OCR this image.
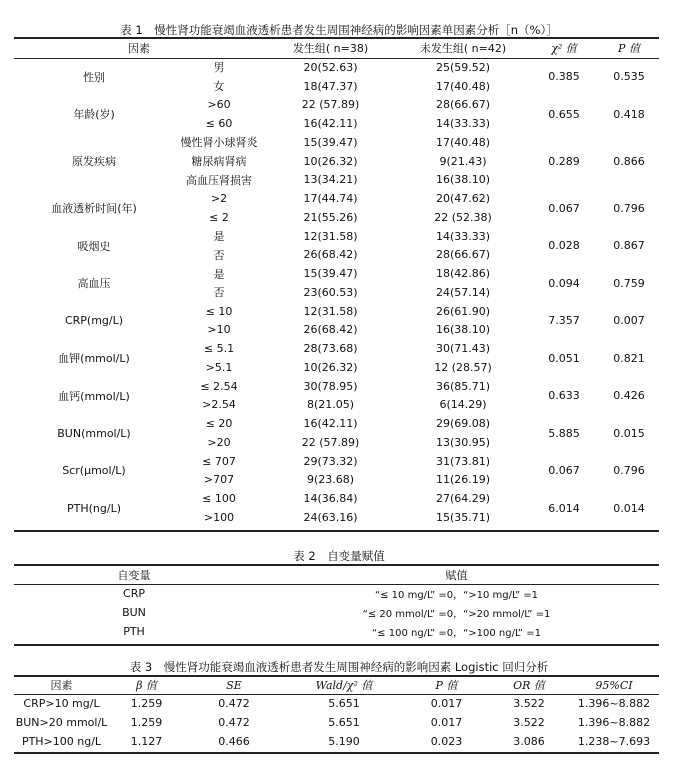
表 1　慢性肾功能衰竭血液透析患者发生周围神经病的影响因素单因素分析［n（%）］
因素		发生组( n=38)	未发生组( n=42)	χ² 值	P 值
性别	男	20(52.63)	25(59.52)	0.385	0.535
	女	18(47.37)	17(40.48)		
年龄(岁)	>60	22 (57.89)	28(66.67)	0.655	0.418
	≤ 60	16(42.11)	14(33.33)		
原发疾病	慢性肾小球肾炎	15(39.47)	17(40.48)	0.289	0.866
	糖尿病肾病	10(26.32)	9(21.43)		
	高血压肾损害	13(34.21)	16(38.10)		
血液透析时间(年)	>2	17(44.74)	20(47.62)	0.067	0.796
	≤ 2	21(55.26)	22 (52.38)		
吸烟史	是	12(31.58)	14(33.33)	0.028	0.867
	否	26(68.42)	28(66.67)		
高血压	是	15(39.47)	18(42.86)	0.094	0.759
	否	23(60.53)	24(57.14)		
CRP(mg/L)	≤ 10	12(31.58)	26(61.90)	7.357	0.007
	>10	26(68.42)	16(38.10)		
血钾(mmol/L)	≤ 5.1	28(73.68)	30(71.43)	0.051	0.821
	>5.1	10(26.32)	12 (28.57)		
血钙(mmol/L)	≤ 2.54	30(78.95)	36(85.71)	0.633	0.426
	>2.54	8(21.05)	6(14.29)		
BUN(mmol/L)	≤ 20	16(42.11)	29(69.08)	5.885	0.015
	>20	22 (57.89)	13(30.95)		
Scr(μmol/L)	≤ 707	29(73.32)	31(73.81)	0.067	0.796
	>707	9(23.68)	11(26.19)		
PTH(ng/L)	≤ 100	14(36.84)	27(64.29)	6.014	0.014
	>100	24(63.16)	15(35.71)		
表 2　自变量赋值
自变量	赋值
CRP	“≤ 10 mg/L” =0，“>10 mg/L” =1
BUN	“≤ 20 mmol/L” =0，“>20 mmol/L” =1
PTH	“≤ 100 ng/L” =0，“>100 ng/L” =1
表 3　慢性肾功能衰竭血液透析患者发生周围神经病的影响因素 Logistic 回归分析
因素	β 值	SE	Wald/χ² 值	P 值	OR 值	95%CI
CRP>10 mg/L	1.259	0.472	5.651	0.017	3.522	1.396~8.882
BUN>20 mmol/L	1.259	0.472	5.651	0.017	3.522	1.396~8.882
PTH>100 ng/L	1.127	0.466	5.190	0.023	3.086	1.238~7.693
